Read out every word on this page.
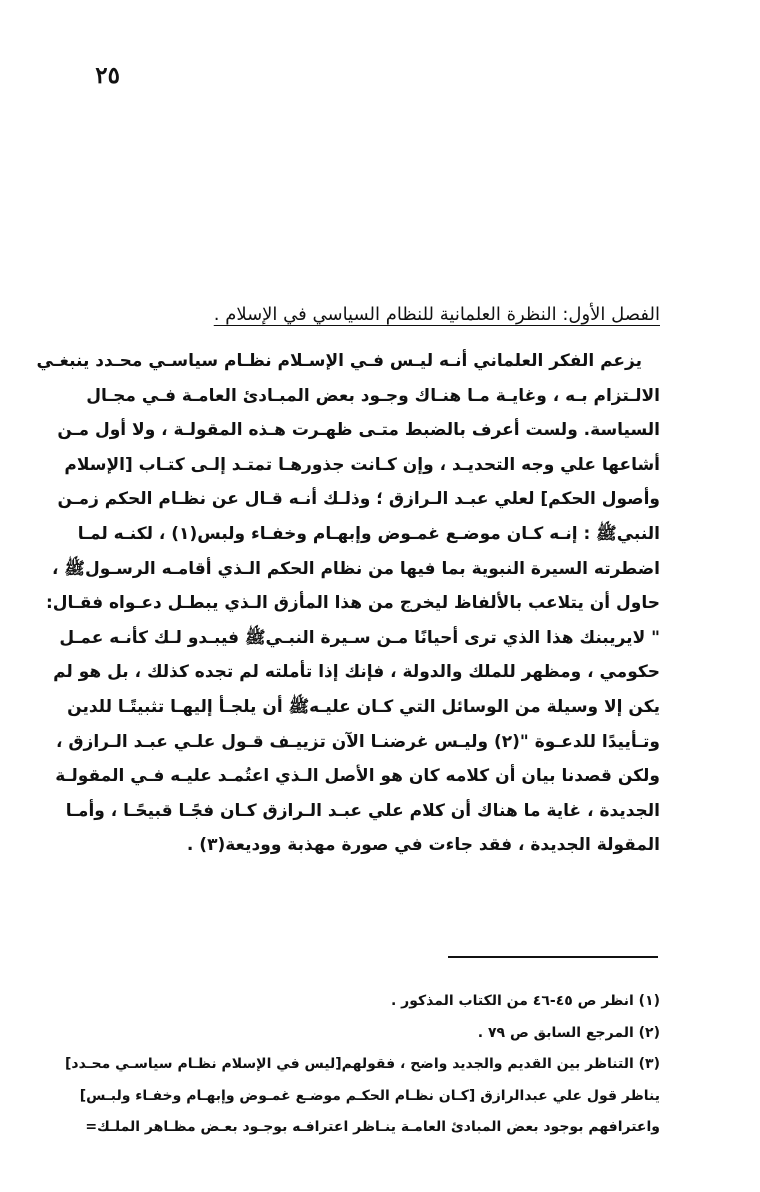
٢٥
الفصل الأول: النظرة العلمانية للنظام السياسي في الإسلام .
يزعم الفكر العلماني أنـه ليـس فـي الإسـلام نظـام سياسـي محـدد ينبغـي
الالـتزام بـه ، وغايـة مـا هنـاك وجـود بعض المبـادئ العامـة فـي مجـال
السياسة. ولست أعرف بالضبط متـى ظهـرت هـذه المقولـة ، ولا أول مـن
أشاعها علي وجه التحديـد ، وإن كـانت جذورهـا تمتـد إلـى كتـاب [الإسلام
وأصول الحكم] لعلي عبـد الـرازق ؛ وذلـك أنـه قـال عن نظـام الحكم زمـن
النبيﷺ : إنـه كـان موضـع غمـوض وإبهـام وخفـاء ولبس(١) ، لكنـه لمـا
اضطرته السيرة النبوية بما فيها من نظام الحكم الـذي أقامـه الرسـولﷺ ،
حاول أن يتلاعب بالألفاظ ليخرج من هذا المأزق الـذي يبطـل دعـواه فقـال:
" لايريبنك هذا الذي ترى أحيانًا مـن سـيرة النبـيﷺ فيبـدو لـك كأنـه عمـل
حكومي ، ومظهر للملك والدولة ، فإنك إذا تأملته لم تجده كذلك ، بل هو لم
يكن إلا وسيلة من الوسائل التي كـان عليـهﷺ أن يلجـأ إليهـا تثبيتًـا للدين
وتـأييدًا للدعـوة "(٢) وليـس غرضنـا الآن تزييـف قـول علـي عبـد الـرازق ،
ولكن قصدنا بيان أن كلامه كان هو الأصل الـذي اعتُمـد عليـه فـي المقولـة
الجديدة ، غاية ما هناك أن كلام علي عبـد الـرازق كـان فجًـا قبيحًـا ، وأمـا
المقولة الجديدة ، فقد جاءت في صورة مهذبة ووديعة(٣) .
(١) انظر ص ٤٥-٤٦ من الكتاب المذكور .
(٢) المرجع السابق ص ٧٩ .
(٣) التناظر بين القديم والجديد واضح ، فقولهم[ليس في الإسلام نظـام سياسـي محـدد]
يناظر قول علي عبدالرازق [كـان نظـام الحكـم موضـع غمـوض وإبهـام وخفـاء ولبـس]
واعترافهم بوجود بعض المبادئ العامـة ينـاظر اعترافـه بوجـود بعـض مظـاهر الملـك=
